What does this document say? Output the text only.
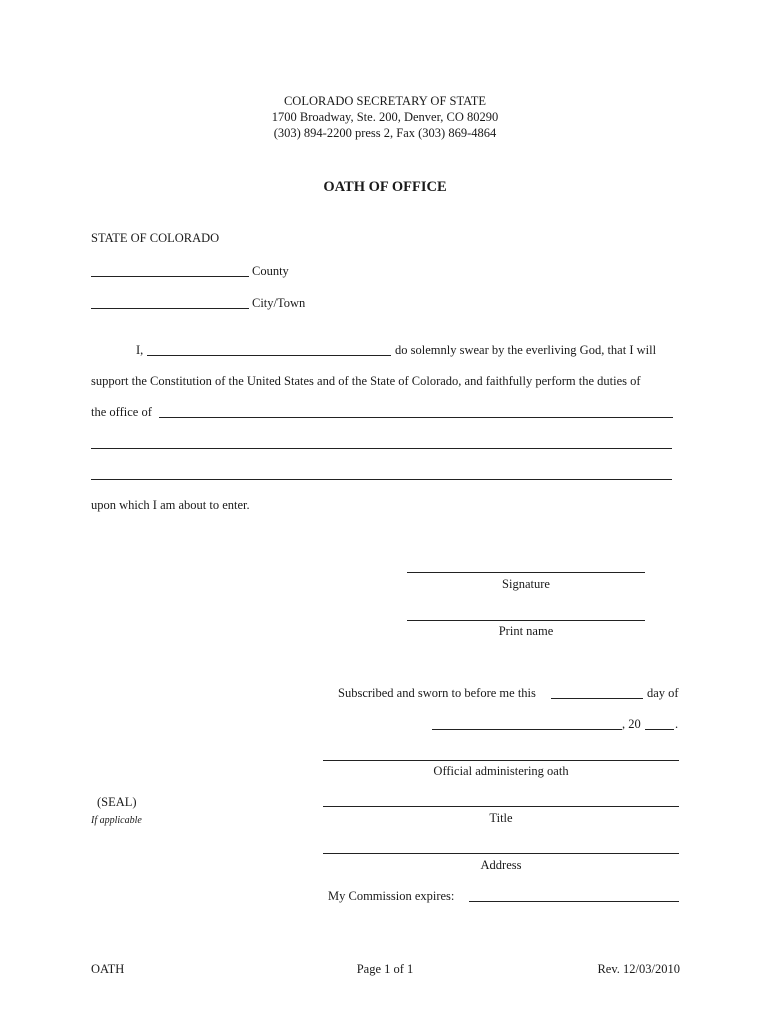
COLORADO SECRETARY OF STATE
1700 Broadway, Ste. 200, Denver, CO 80290
(303) 894-2200 press 2, Fax (303) 869-4864
OATH OF OFFICE
STATE OF COLORADO
County
City/Town
I,	do solemnly swear by the everliving God, that I will
support the Constitution of the United States and of the State of Colorado, and faithfully perform the duties of
the office of
upon which I am about to enter.
Signature
Print name
Subscribed and sworn to before me this	day of
, 20	.
Official administering oath
(SEAL)
If applicable	Title
Address
My Commission expires:
OATH	Page 1 of 1	Rev. 12/03/2010
